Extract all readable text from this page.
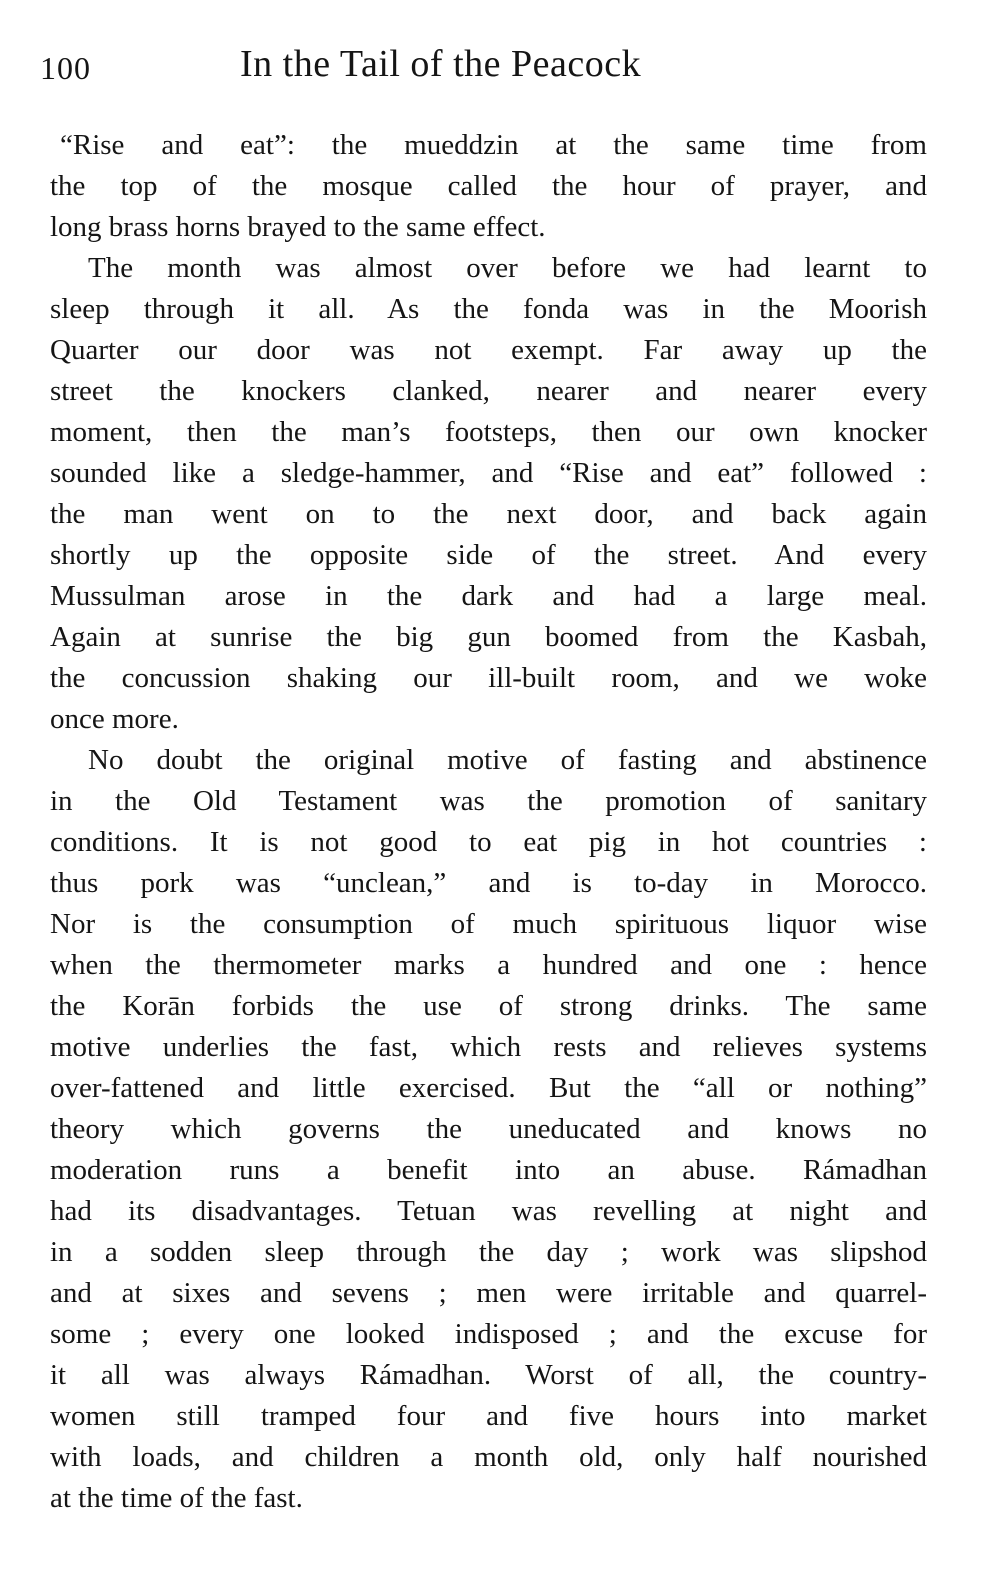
100	In the Tail of the Peacock
“Rise and eat”: the mueddzin at the same time from
the top of the mosque called the hour of prayer, and
long brass horns brayed to the same effect.
The month was almost over before we had learnt to
sleep through it all. As the fonda was in the Moorish
Quarter our door was not exempt. Far away up the
street the knockers clanked, nearer and nearer every
moment, then the man’s footsteps, then our own knocker
sounded like a sledge-hammer, and “Rise and eat” followed :
the man went on to the next door, and back again
shortly up the opposite side of the street. And every
Mussulman arose in the dark and had a large meal.
Again at sunrise the big gun boomed from the Kasbah,
the concussion shaking our ill-built room, and we woke
once more.
No doubt the original motive of fasting and abstinence
in the Old Testament was the promotion of sanitary
conditions. It is not good to eat pig in hot countries :
thus pork was “unclean,” and is to-day in Morocco.
Nor is the consumption of much spirituous liquor wise
when the thermometer marks a hundred and one : hence
the Korān forbids the use of strong drinks. The same
motive underlies the fast, which rests and relieves systems
over-fattened and little exercised. But the “all or nothing”
theory which governs the uneducated and knows no
moderation runs a benefit into an abuse. Rámadhan
had its disadvantages. Tetuan was revelling at night and
in a sodden sleep through the day ; work was slipshod
and at sixes and sevens ; men were irritable and quarrel-
some ; every one looked indisposed ; and the excuse for
it all was always Rámadhan. Worst of all, the country-
women still tramped four and five hours into market
with loads, and children a month old, only half nourished
at the time of the fast.
